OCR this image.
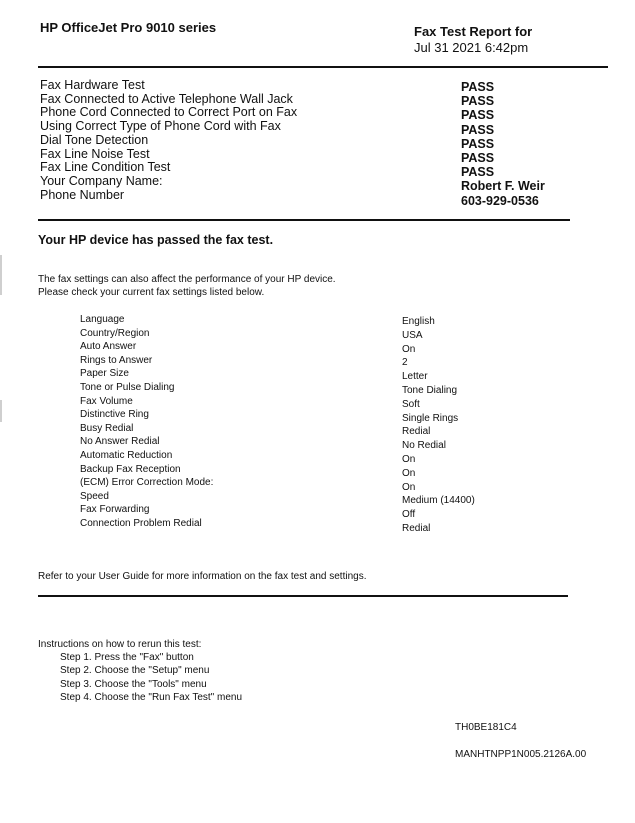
HP OfficeJet Pro 9010 series	Fax Test Report for
Jul 31 2021 6:42pm
Fax Hardware Test
Fax Connected to Active Telephone Wall Jack
Phone Cord Connected to Correct Port on Fax
Using Correct Type of Phone Cord with Fax
Dial Tone Detection
Fax Line Noise Test
Fax Line Condition Test
Your Company Name:
Phone Number
PASS
PASS
PASS
PASS
PASS
PASS
PASS
Robert F. Weir
603-929-0536
Your HP device has passed the fax test.
The fax settings can also affect the performance of your HP device.
Please check your current fax settings listed below.
Language
Country/Region
Auto Answer
Rings to Answer
Paper Size
Tone or Pulse Dialing
Fax Volume
Distinctive Ring
Busy Redial
No Answer Redial
Automatic Reduction
Backup Fax Reception
(ECM) Error Correction Mode:
Speed
Fax Forwarding
Connection Problem Redial
English
USA
On
2
Letter
Tone Dialing
Soft
Single Rings
Redial
No Redial
On
On
On
Medium (14400)
Off
Redial
Refer to your User Guide for more information on the fax test and settings.
Instructions on how to rerun this test:
Step 1. Press the "Fax" button
Step 2. Choose the "Setup" menu
Step 3. Choose the "Tools" menu
Step 4. Choose the "Run Fax Test" menu
TH0BE181C4
MANHTNPP1N005.2126A.00
